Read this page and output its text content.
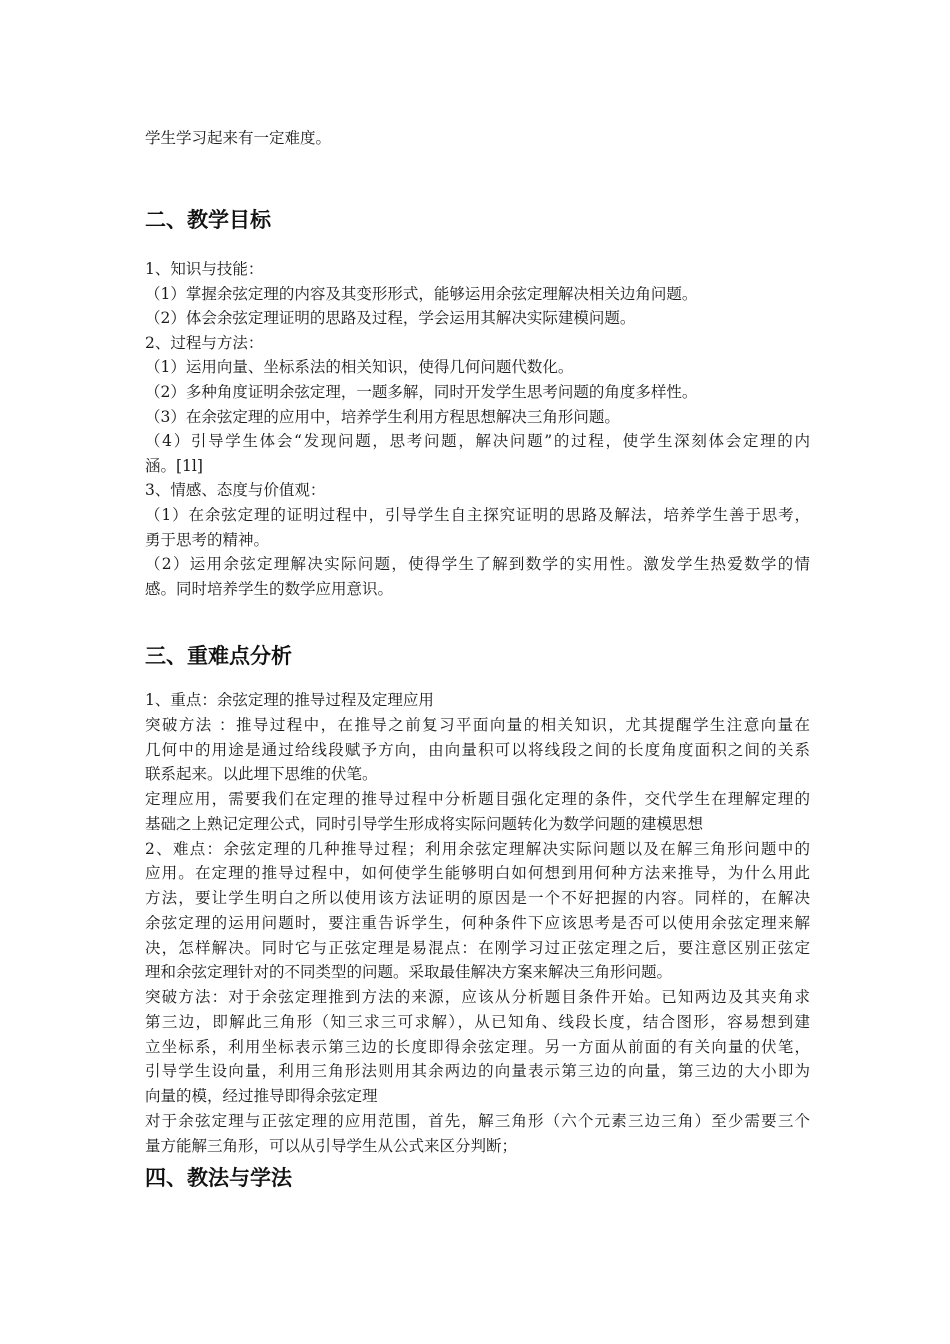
学生学习起来有一定难度。
二、教学目标
1、知识与技能：
（1）掌握余弦定理的内容及其变形形式，能够运用余弦定理解决相关边角问题。
（2）体会余弦定理证明的思路及过程，学会运用其解决实际建模问题。
2、过程与方法：
（1）运用向量、坐标系法的相关知识，使得几何问题代数化。
（2）多种角度证明余弦定理，一题多解，同时开发学生思考问题的角度多样性。
（3）在余弦定理的应用中，培养学生利用方程思想解决三角形问题。
（4）引导学生体会“发现问题，思考问题，解决问题”的过程，使学生深刻体会定理的内
涵。[1l]
3、情感、态度与价值观：
（1）在余弦定理的证明过程中，引导学生自主探究证明的思路及解法，培养学生善于思考，
勇于思考的精神。
（2）运用余弦定理解决实际问题，使得学生了解到数学的实用性。激发学生热爱数学的情
感。同时培养学生的数学应用意识。
三、重难点分析
1、重点：余弦定理的推导过程及定理应用
突破方法 ：推导过程中，在推导之前复习平面向量的相关知识，尤其提醒学生注意向量在
几何中的用途是通过给线段赋予方向，由向量积可以将线段之间的长度角度面积之间的关系
联系起来。以此埋下思维的伏笔。
定理应用，需要我们在定理的推导过程中分析题目强化定理的条件，交代学生在理解定理的
基础之上熟记定理公式，同时引导学生形成将实际问题转化为数学问题的建模思想
2、难点：余弦定理的几种推导过程；利用余弦定理解决实际问题以及在解三角形问题中的
应用。在定理的推导过程中，如何使学生能够明白如何想到用何种方法来推导，为什么用此
方法，要让学生明白之所以使用该方法证明的原因是一个不好把握的内容。同样的，在解决
余弦定理的运用问题时，要注重告诉学生，何种条件下应该思考是否可以使用余弦定理来解
决，怎样解决。同时它与正弦定理是易混点：在刚学习过正弦定理之后，要注意区别正弦定
理和余弦定理针对的不同类型的问题。采取最佳解决方案来解决三角形问题。
突破方法：对于余弦定理推到方法的来源，应该从分析题目条件开始。已知两边及其夹角求
第三边，即解此三角形（知三求三可求解），从已知角、线段长度，结合图形，容易想到建
立坐标系，利用坐标表示第三边的长度即得余弦定理。另一方面从前面的有关向量的伏笔，
引导学生设向量，利用三角形法则用其余两边的向量表示第三边的向量，第三边的大小即为
向量的模，经过推导即得余弦定理
对于余弦定理与正弦定理的应用范围，首先，解三角形（六个元素三边三角）至少需要三个
量方能解三角形，可以从引导学生从公式来区分判断；
四、教法与学法
